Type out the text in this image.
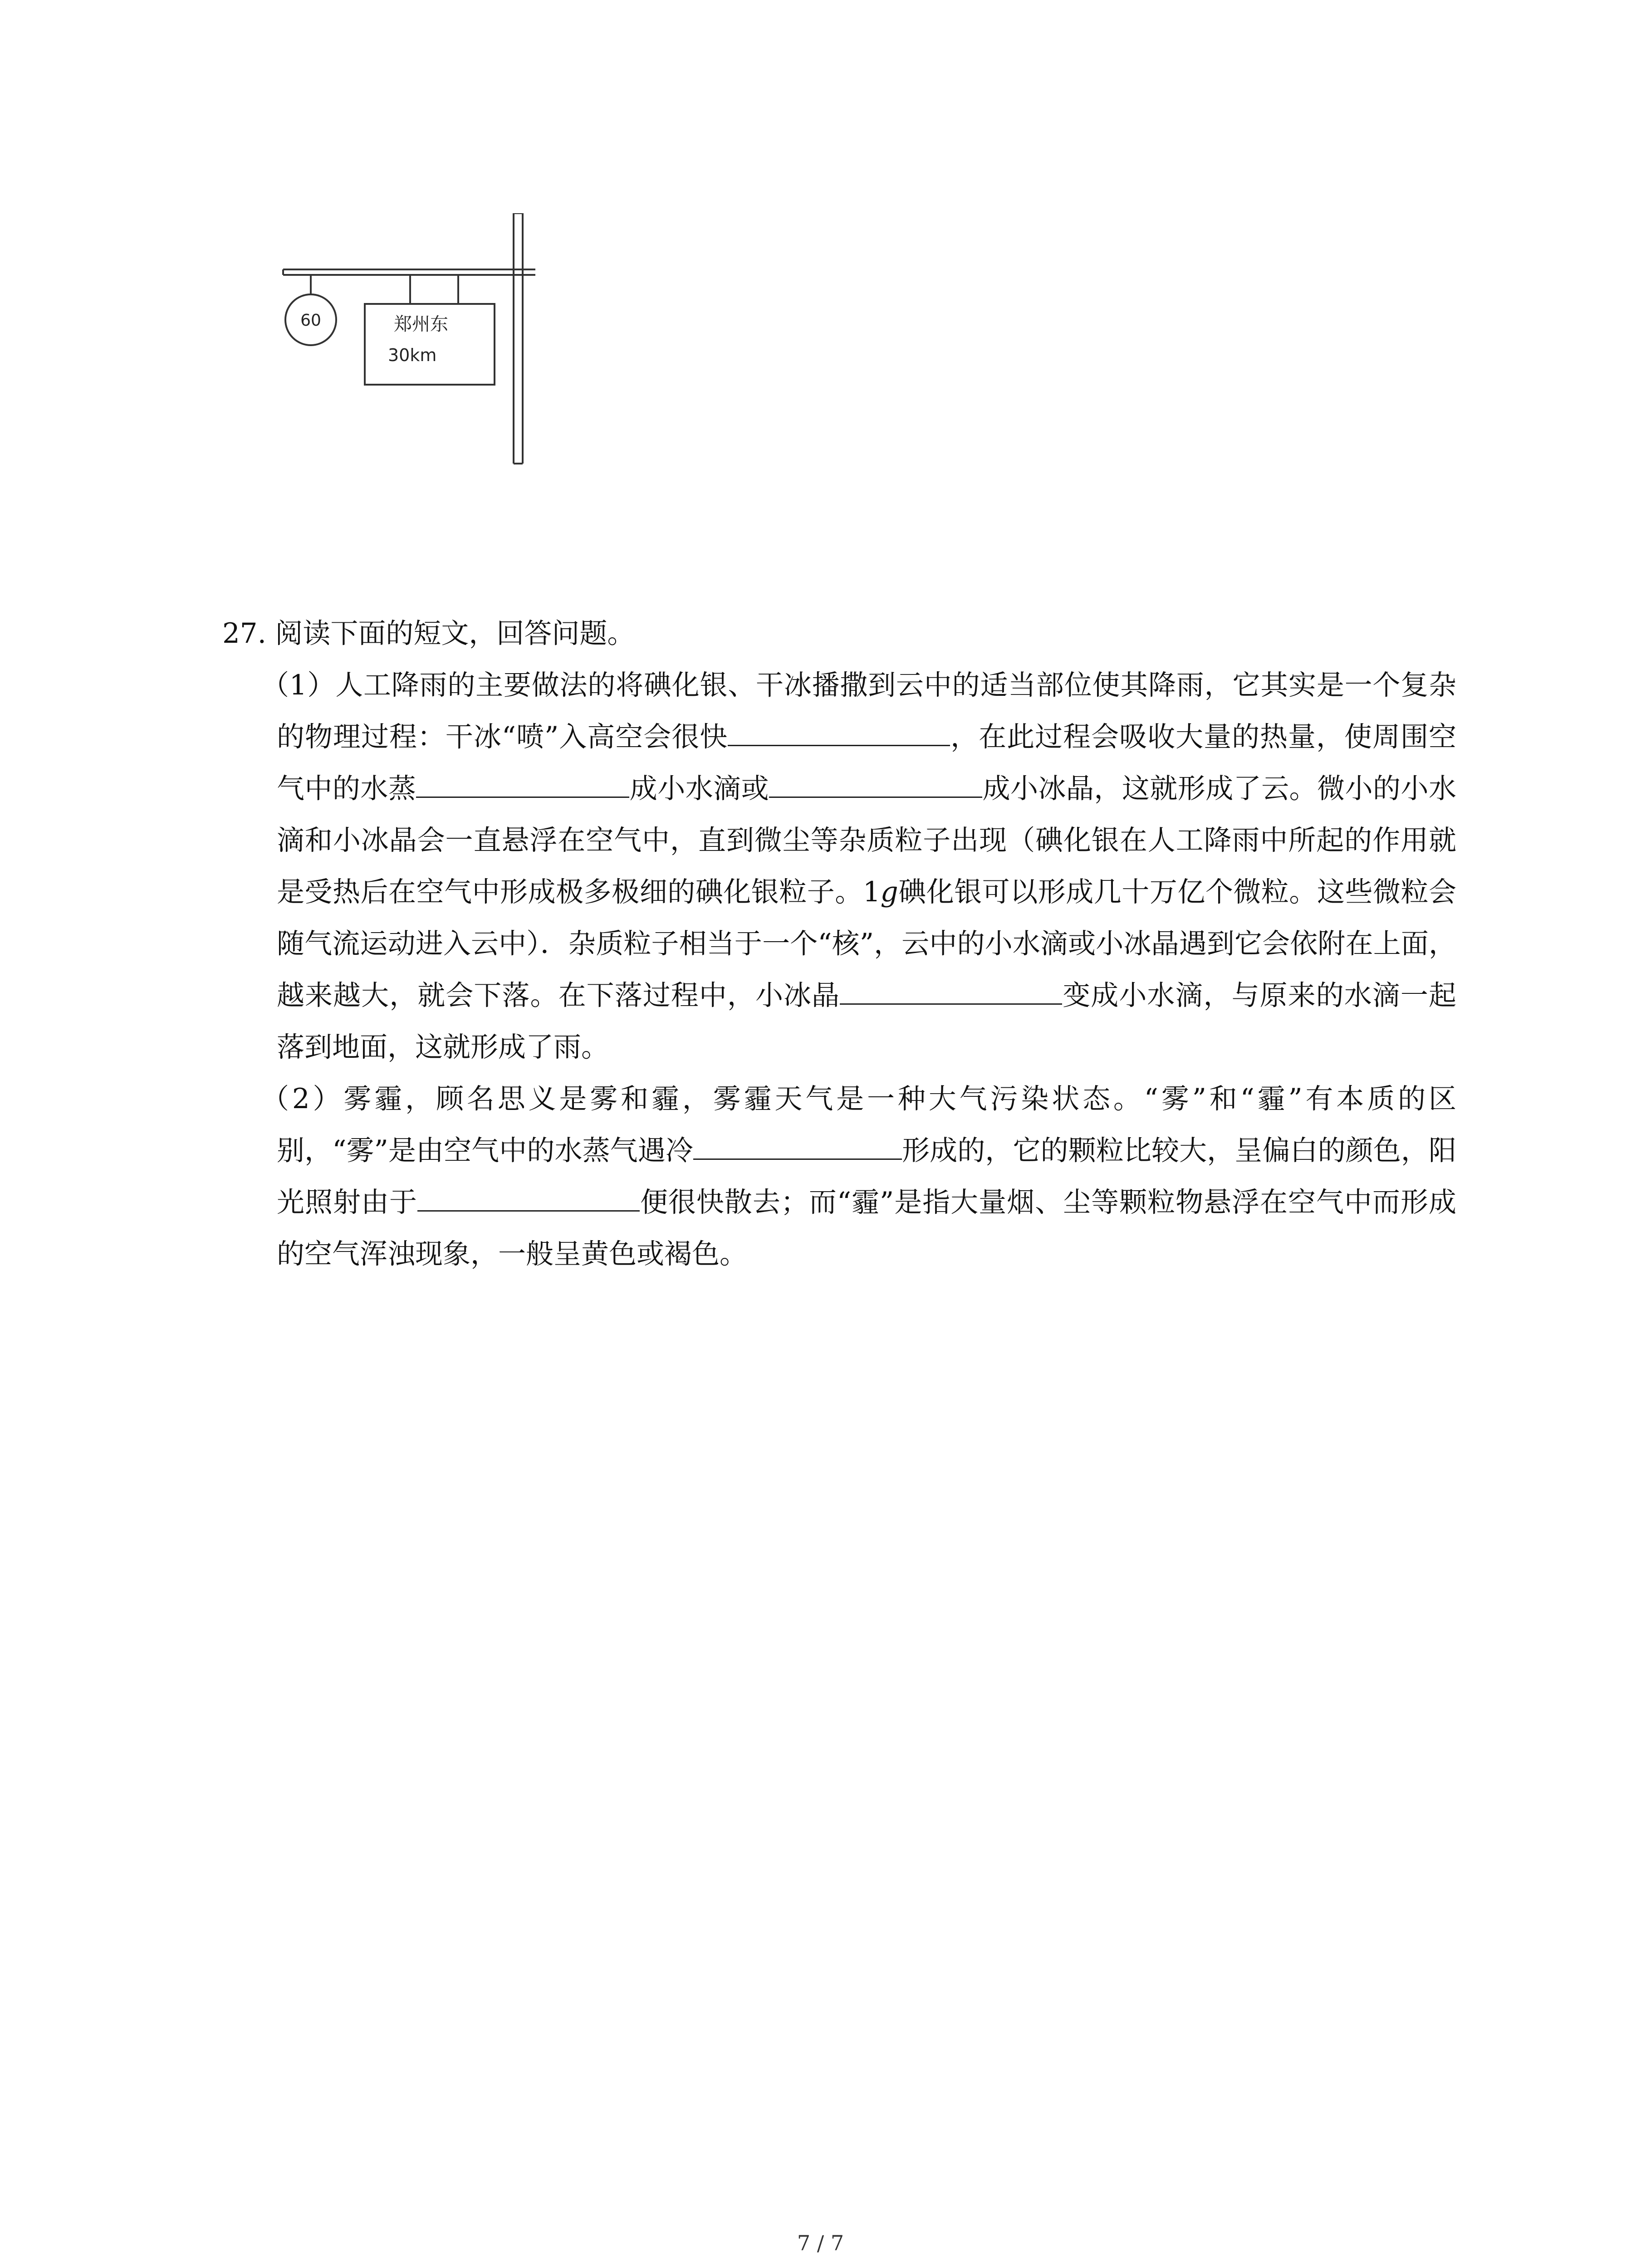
60	郑州东
30km

27. 阅读下面的短文，回答问题。

（1）人工降雨的主要做法的将碘化银、干冰播撒到云中的适当部位使其降雨，它其实是一个复杂的物理过程：干冰“喷”入高空会很快	，在此过程会吸收大量的热量，使周围空气中的水蒸	成小水滴或	成小冰晶，这就形成了云。微小的小水滴和小冰晶会一直悬浮在空气中，直到微尘等杂质粒子出现（碘化银在人工降雨中所起的作用就是受热后在空气中形成极多极细的碘化银粒子。1g碘化银可以形成几十万亿个微粒。这些微粒会随气流运动进入云中）．杂质粒子相当于一个“核”，云中的小水滴或小冰晶遇到它会依附在上面，越来越大，就会下落。在下落过程中，小冰晶	变成小水滴，与原来的水滴一起落到地面，这就形成了雨。

（2）雾霾，顾名思义是雾和霾，雾霾天气是一种大气污染状态。“雾”和“霾”有本质的区别，“雾”是由空气中的水蒸气遇冷	形成的，它的颗粒比较大，呈偏白的颜色，阳光照射由于	便很快散去；而“霾”是指大量烟、尘等颗粒物悬浮在空气中而形成的空气浑浊现象，一般呈黄色或褐色。

7 / 7
